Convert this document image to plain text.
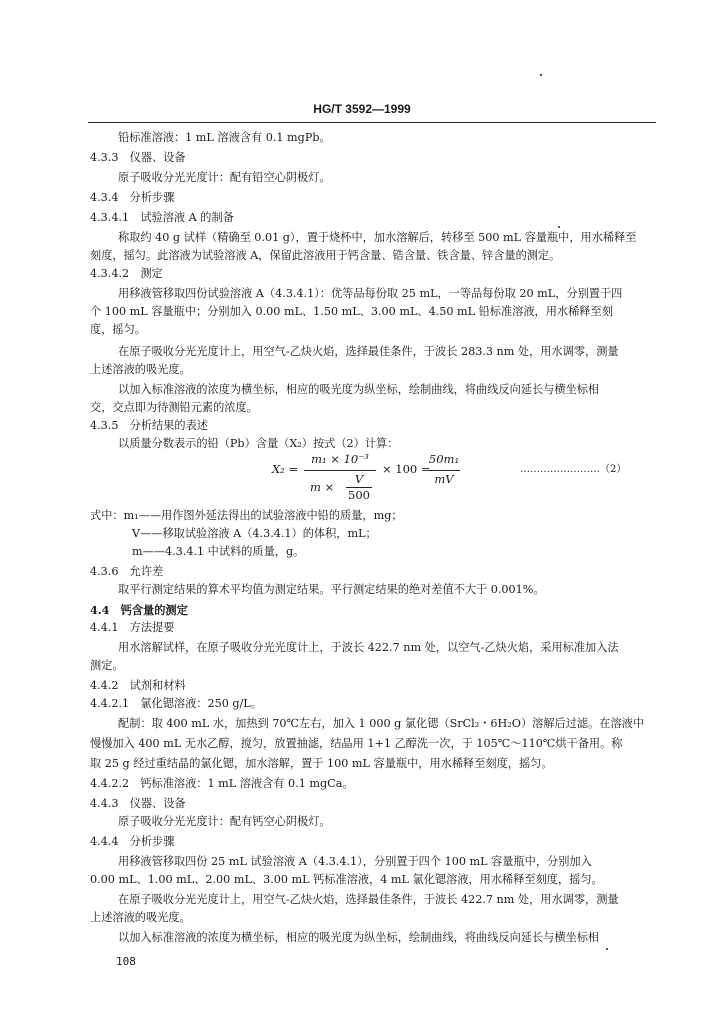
HG/T 3592—1999
铅标准溶液：1 mL 溶液含有 0.1 mgPb。
4.3.3　仪器、设备
原子吸收分光光度计：配有铅空心阴极灯。
4.3.4　分析步骤
4.3.4.1　试验溶液 A 的制备
称取约 40 g 试样（精确至 0.01 g），置于烧杯中，加水溶解后，转移至 500 mL 容量瓶中，用水稀释至
刻度，摇匀。此溶液为试验溶液 A，保留此溶液用于钙含量、锆含量、铁含量、锌含量的测定。
4.3.4.2　测定
用移液管移取四份试验溶液 A（4.3.4.1）：优等品每份取 25 mL，一等品每份取 20 mL，分别置于四
个 100 mL 容量瓶中；分别加入 0.00 mL、1.50 mL、3.00 mL、4.50 mL 铅标准溶液，用水稀释至刻
度，摇匀。
在原子吸收分光光度计上，用空气-乙炔火焰，选择最佳条件，于波长 283.3 nm 处，用水调零，测量
上述溶液的吸光度。
以加入标准溶液的浓度为横坐标，相应的吸光度为纵坐标，绘制曲线，将曲线反向延长与横坐标相
交，交点即为待测铅元素的浓度。
4.3.5　分析结果的表述
以质量分数表示的铅（Pb）含量（X₂）按式（2）计算：
X₂ =
m₁ × 10⁻³
m ×
V
500
× 100 =
50m₁
mV
……………………（2）
式中：m₁——用作图外延法得出的试验溶液中铅的质量，mg；
V——移取试验溶液 A（4.3.4.1）的体积，mL；
m——4.3.4.1 中试料的质量，g。
4.3.6　允许差
取平行测定结果的算术平均值为测定结果。平行测定结果的绝对差值不大于 0.001%。
4.4　钙含量的测定
4.4.1　方法提要
用水溶解试样，在原子吸收分光光度计上，于波长 422.7 nm 处，以空气-乙炔火焰，采用标准加入法
测定。
4.4.2　试剂和材料
4.4.2.1　氯化锶溶液：250 g/L。
配制：取 400 mL 水，加热到 70℃左右，加入 1 000 g 氯化锶（SrCl₂・6H₂O）溶解后过滤。在溶液中
慢慢加入 400 mL 无水乙醇，搅匀，放置抽滤，结晶用 1+1 乙醇洗一次，于 105℃～110℃烘干备用。称
取 25 g 经过重结晶的氯化锶，加水溶解，置于 100 mL 容量瓶中，用水稀释至刻度，摇匀。
4.4.2.2　钙标准溶液：1 mL 溶液含有 0.1 mgCa。
4.4.3　仪器、设备
原子吸收分光光度计：配有钙空心阴极灯。
4.4.4　分析步骤
用移液管移取四份 25 mL 试验溶液 A（4.3.4.1），分别置于四个 100 mL 容量瓶中，分别加入
0.00 mL、1.00 mL、2.00 mL、3.00 mL 钙标准溶液，4 mL 氯化锶溶液，用水稀释至刻度，摇匀。
在原子吸收分光光度计上，用空气-乙炔火焰，选择最佳条件，于波长 422.7 nm 处，用水调零，测量
上述溶液的吸光度。
以加入标准溶液的浓度为横坐标，相应的吸光度为纵坐标，绘制曲线，将曲线反向延长与横坐标相
108
